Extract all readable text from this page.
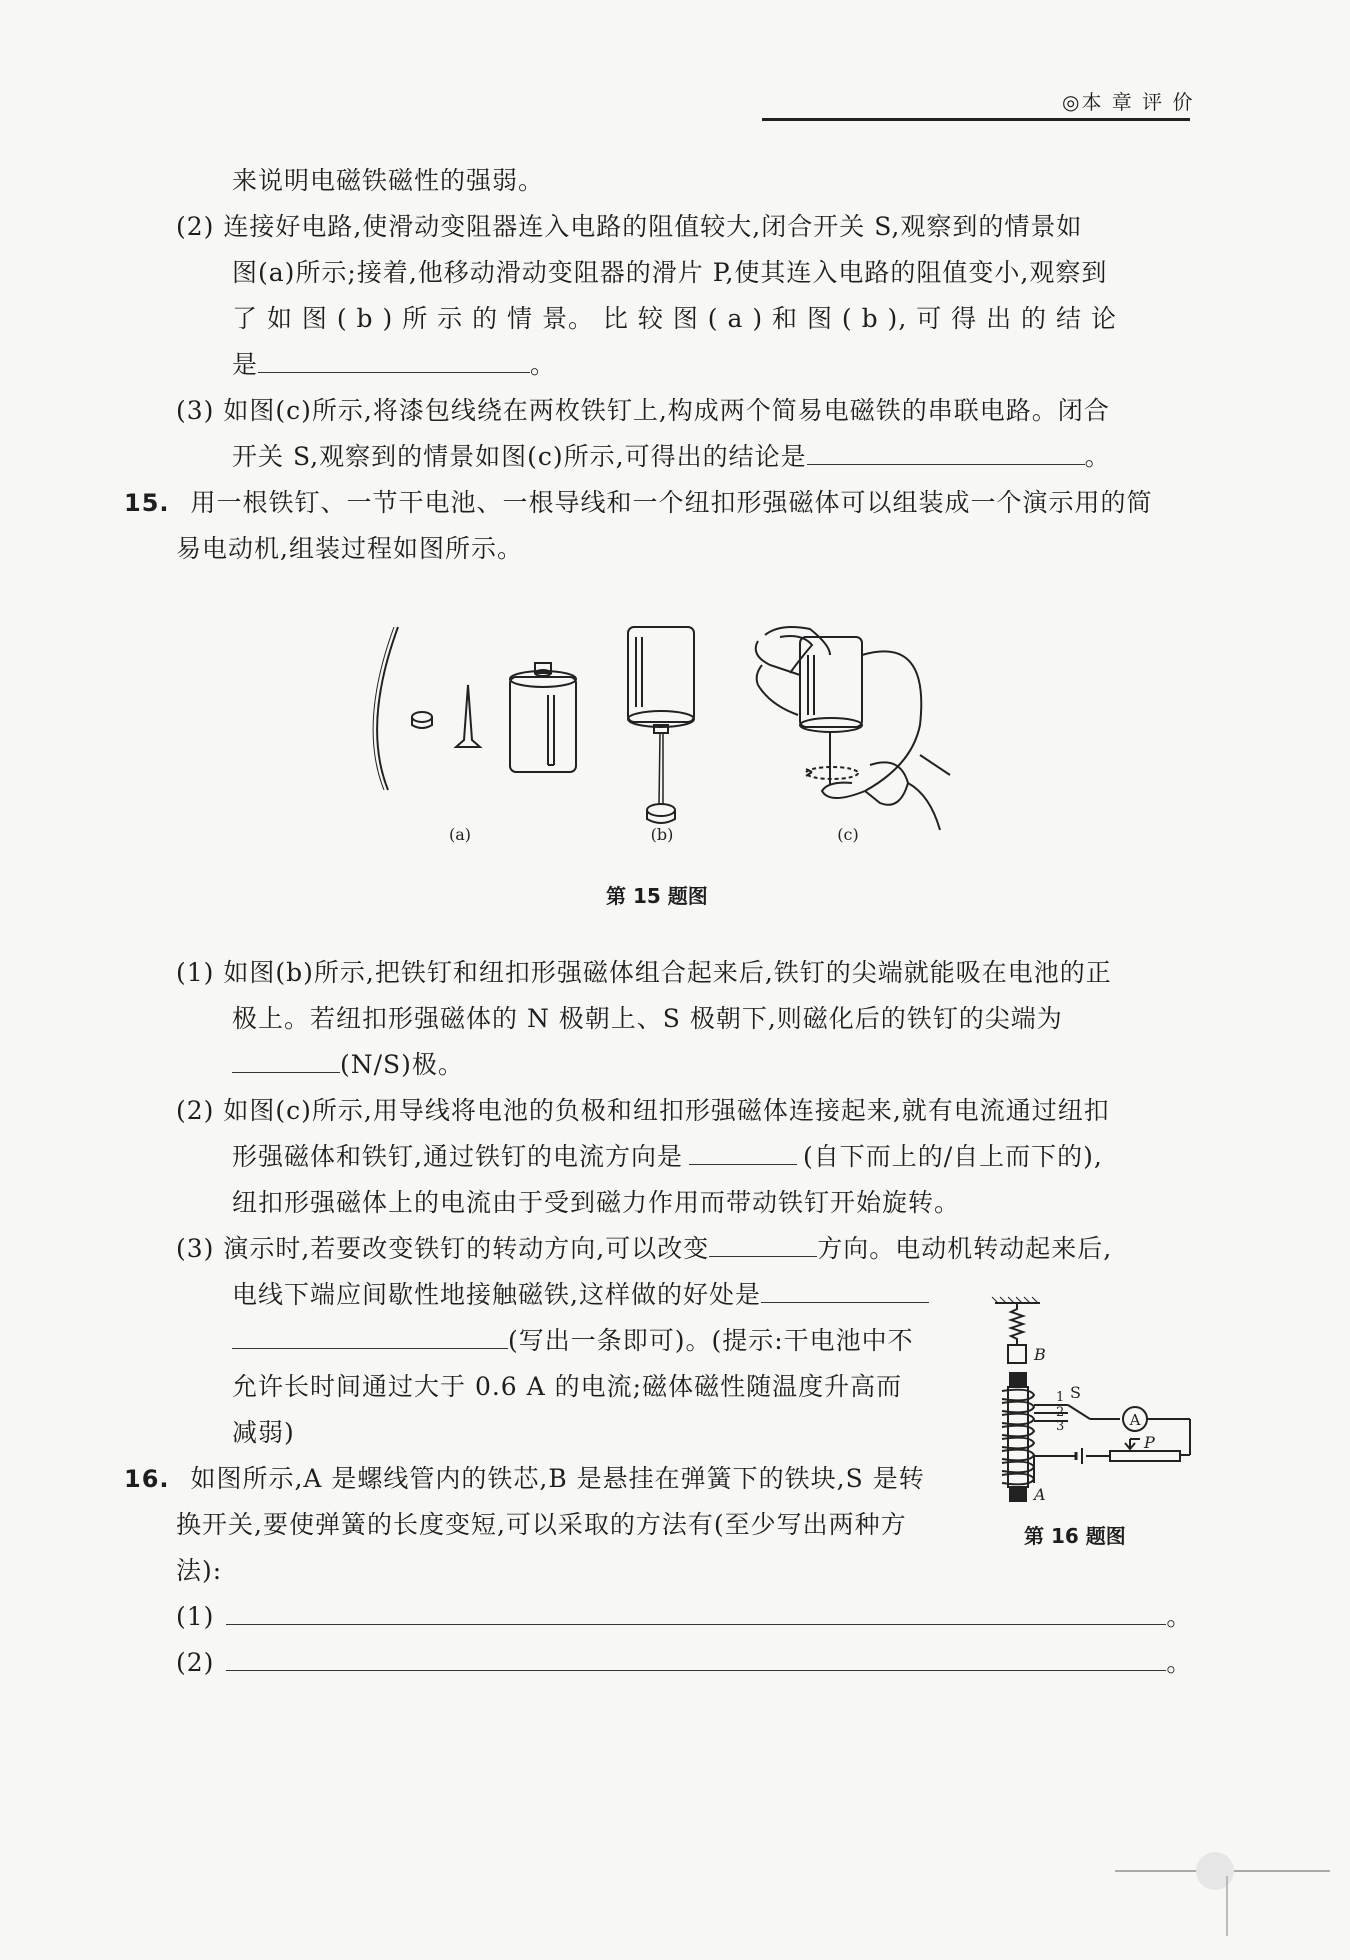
◎本 章 评 价
来说明电磁铁磁性的强弱。
(2) 连接好电路,使滑动变阻器连入电路的阻值较大,闭合开关 S,观察到的情景如
图(a)所示;接着,他移动滑动变阻器的滑片 P,使其连入电路的阻值变小,观察到
了 如 图 ( b ) 所 示 的 情 景。 比 较 图 ( a ) 和 图 ( b ), 可 得 出 的 结 论
是	。
(3) 如图(c)所示,将漆包线绕在两枚铁钉上,构成两个简易电磁铁的串联电路。闭合
开关 S,观察到的情景如图(c)所示,可得出的结论是	。
15. 用一根铁钉、一节干电池、一根导线和一个纽扣形强磁体可以组装成一个演示用的简
易电动机,组装过程如图所示。
(a)	(b)	(c)
第 15 题图
(1) 如图(b)所示,把铁钉和纽扣形强磁体组合起来后,铁钉的尖端就能吸在电池的正
极上。若纽扣形强磁体的 N 极朝上、S 极朝下,则磁化后的铁钉的尖端为
(N/S)极。
(2) 如图(c)所示,用导线将电池的负极和纽扣形强磁体连接起来,就有电流通过纽扣
形强磁体和铁钉,通过铁钉的电流方向是	(自下而上的/自上而下的),
纽扣形强磁体上的电流由于受到磁力作用而带动铁钉开始旋转。
(3) 演示时,若要改变铁钉的转动方向,可以改变	方向。电动机转动起来后,
电线下端应间歇性地接触磁铁,这样做的好处是
(写出一条即可)。(提示:干电池中不
允许长时间通过大于 0.6 A 的电流;磁体磁性随温度升高而
减弱)
B
S
A
P
A
1
2
3
第 16 题图
16. 如图所示,A 是螺线管内的铁芯,B 是悬挂在弹簧下的铁块,S 是转
换开关,要使弹簧的长度变短,可以采取的方法有(至少写出两种方
法):
(1)	。
(2)	。
